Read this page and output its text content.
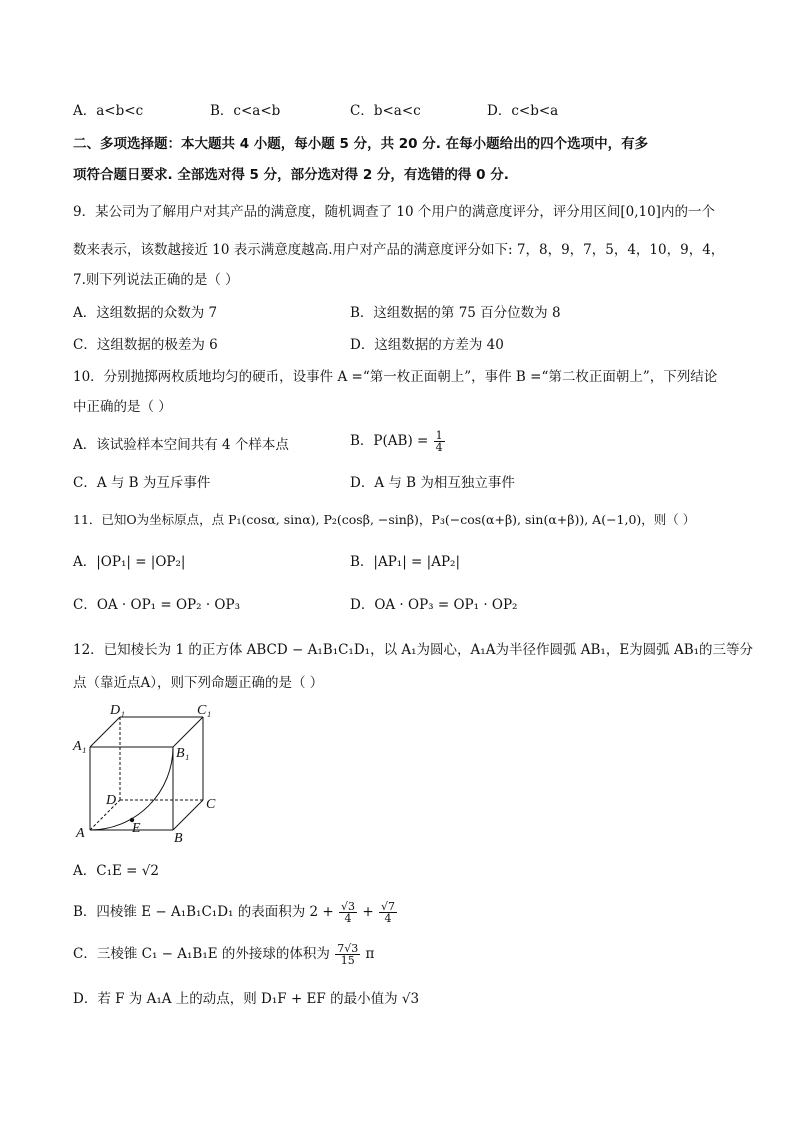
A．a<b<c	B．c<a<b	C．b<a<c	D．c<b<a
二、多项选择题：本大题共 4 小题，每小题 5 分，共 20 分. 在每小题给出的四个选项中，有多
项符合题日要求. 全部选对得 5 分，部分选对得 2 分，有选错的得 0 分.
9．某公司为了解用户对其产品的满意度，随机调查了 10 个用户的满意度评分，评分用区间[0,10]内的一个
数来表示，该数越接近 10 表示满意度越高.用户对产品的满意度评分如下: 7，8，9，7，5，4，10，9，4，
7.则下列说法正确的是（ ）
A．这组数据的众数为 7	B．这组数据的第 75 百分位数为 8
C．这组数据的极差为 6	D．这组数据的方差为 40
10．分别抛掷两枚质地均匀的硬币，设事件 A =“第一枚正面朝上”，事件 B =“第二枚正面朝上”，下列结论
中正确的是（ ）
A．该试验样本空间共有 4 个样本点	B．$P(AB) = \frac{1}{4}$
C．A 与 B 为互斥事件	D．A 与 B 为相互独立事件
11．已知O为坐标原点，点 P₁(cosα, sinα), P₂(cosβ, −sinβ)，P₃(−cos(α+β), sin(α+β)), A(−1,0)，则（ ）
A．|OP₁| = |OP₂|	B．|AP₁| = |AP₂|
C．OA · OP₁ = OP₂ · OP₃	D．OA · OP₃ = OP₁ · OP₂
12．已知棱长为 1 的正方体 ABCD − A₁B₁C₁D₁，以 A₁为圆心，A₁A为半径作圆弧 AB₁，E为圆弧 AB₁的三等分
点（靠近点A），则下列命题正确的是（ ）
D₁	C₁
A₁	B₁
D	C
A	B
E
A．C₁E = √2
B．四棱锥 E − A₁B₁C₁D₁ 的表面积为 $2 + \frac{√3}{4} + \frac{√7}{4}$
C．三棱锥 C₁ − A₁B₁E 的外接球的体积为 $\frac{7√3}{15}$ π
D．若 F 为 A₁A 上的动点，则 D₁F + EF 的最小值为 √3
